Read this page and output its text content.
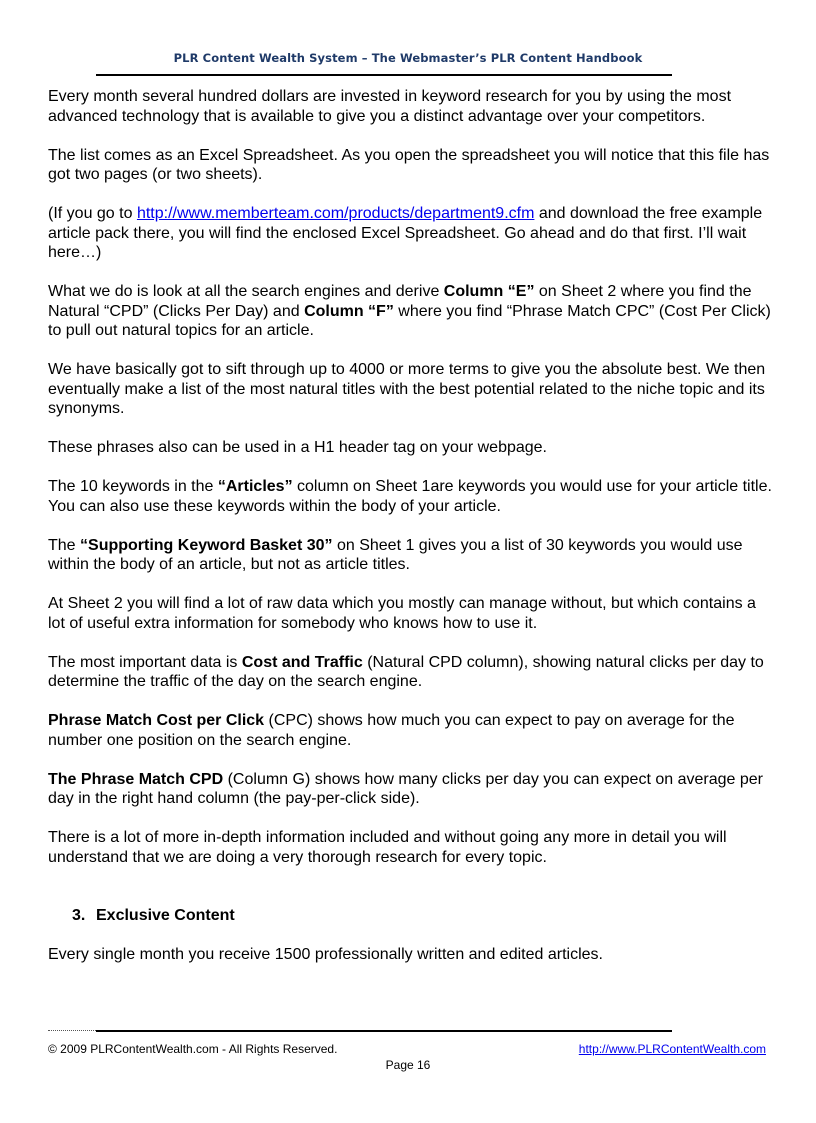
PLR Content Wealth System – The Webmaster’s PLR Content Handbook

Every month several hundred dollars are invested in keyword research for you by using the most advanced technology that is available to give you a distinct advantage over your competitors.

The list comes as an Excel Spreadsheet. As you open the spreadsheet you will notice that this file has got two pages (or two sheets).

(If you go to http://www.memberteam.com/products/department9.cfm and download the free example article pack there, you will find the enclosed Excel Spreadsheet. Go ahead and do that first. I’ll wait here…)

What we do is look at all the search engines and derive Column “E” on Sheet 2 where you find the Natural “CPD” (Clicks Per Day) and Column “F” where you find “Phrase Match CPC” (Cost Per Click) to pull out natural topics for an article.

We have basically got to sift through up to 4000 or more terms to give you the absolute best. We then eventually make a list of the most natural titles with the best potential related to the niche topic and its synonyms.

These phrases also can be used in a H1 header tag on your webpage.

The 10 keywords in the “Articles” column on Sheet 1are keywords you would use for your article title. You can also use these keywords within the body of your article.

The “Supporting Keyword Basket 30” on Sheet 1 gives you a list of 30 keywords you would use within the body of an article, but not as article titles.

At Sheet 2 you will find a lot of raw data which you mostly can manage without, but which contains a lot of useful extra information for somebody who knows how to use it.

The most important data is Cost and Traffic (Natural CPD column), showing natural clicks per day to determine the traffic of the day on the search engine.

Phrase Match Cost per Click (CPC) shows how much you can expect to pay on average for the number one position on the search engine.

The Phrase Match CPD (Column G) shows how many clicks per day you can expect on average per day in the right hand column (the pay-per-click side).

There is a lot of more in-depth information included and without going any more in detail you will understand that we are doing a very thorough research for every topic.

3. Exclusive Content

Every single month you receive 1500 professionally written and edited articles.

© 2009 PLRContentWealth.com - All Rights Reserved.	http://www.PLRContentWealth.com
Page 16
